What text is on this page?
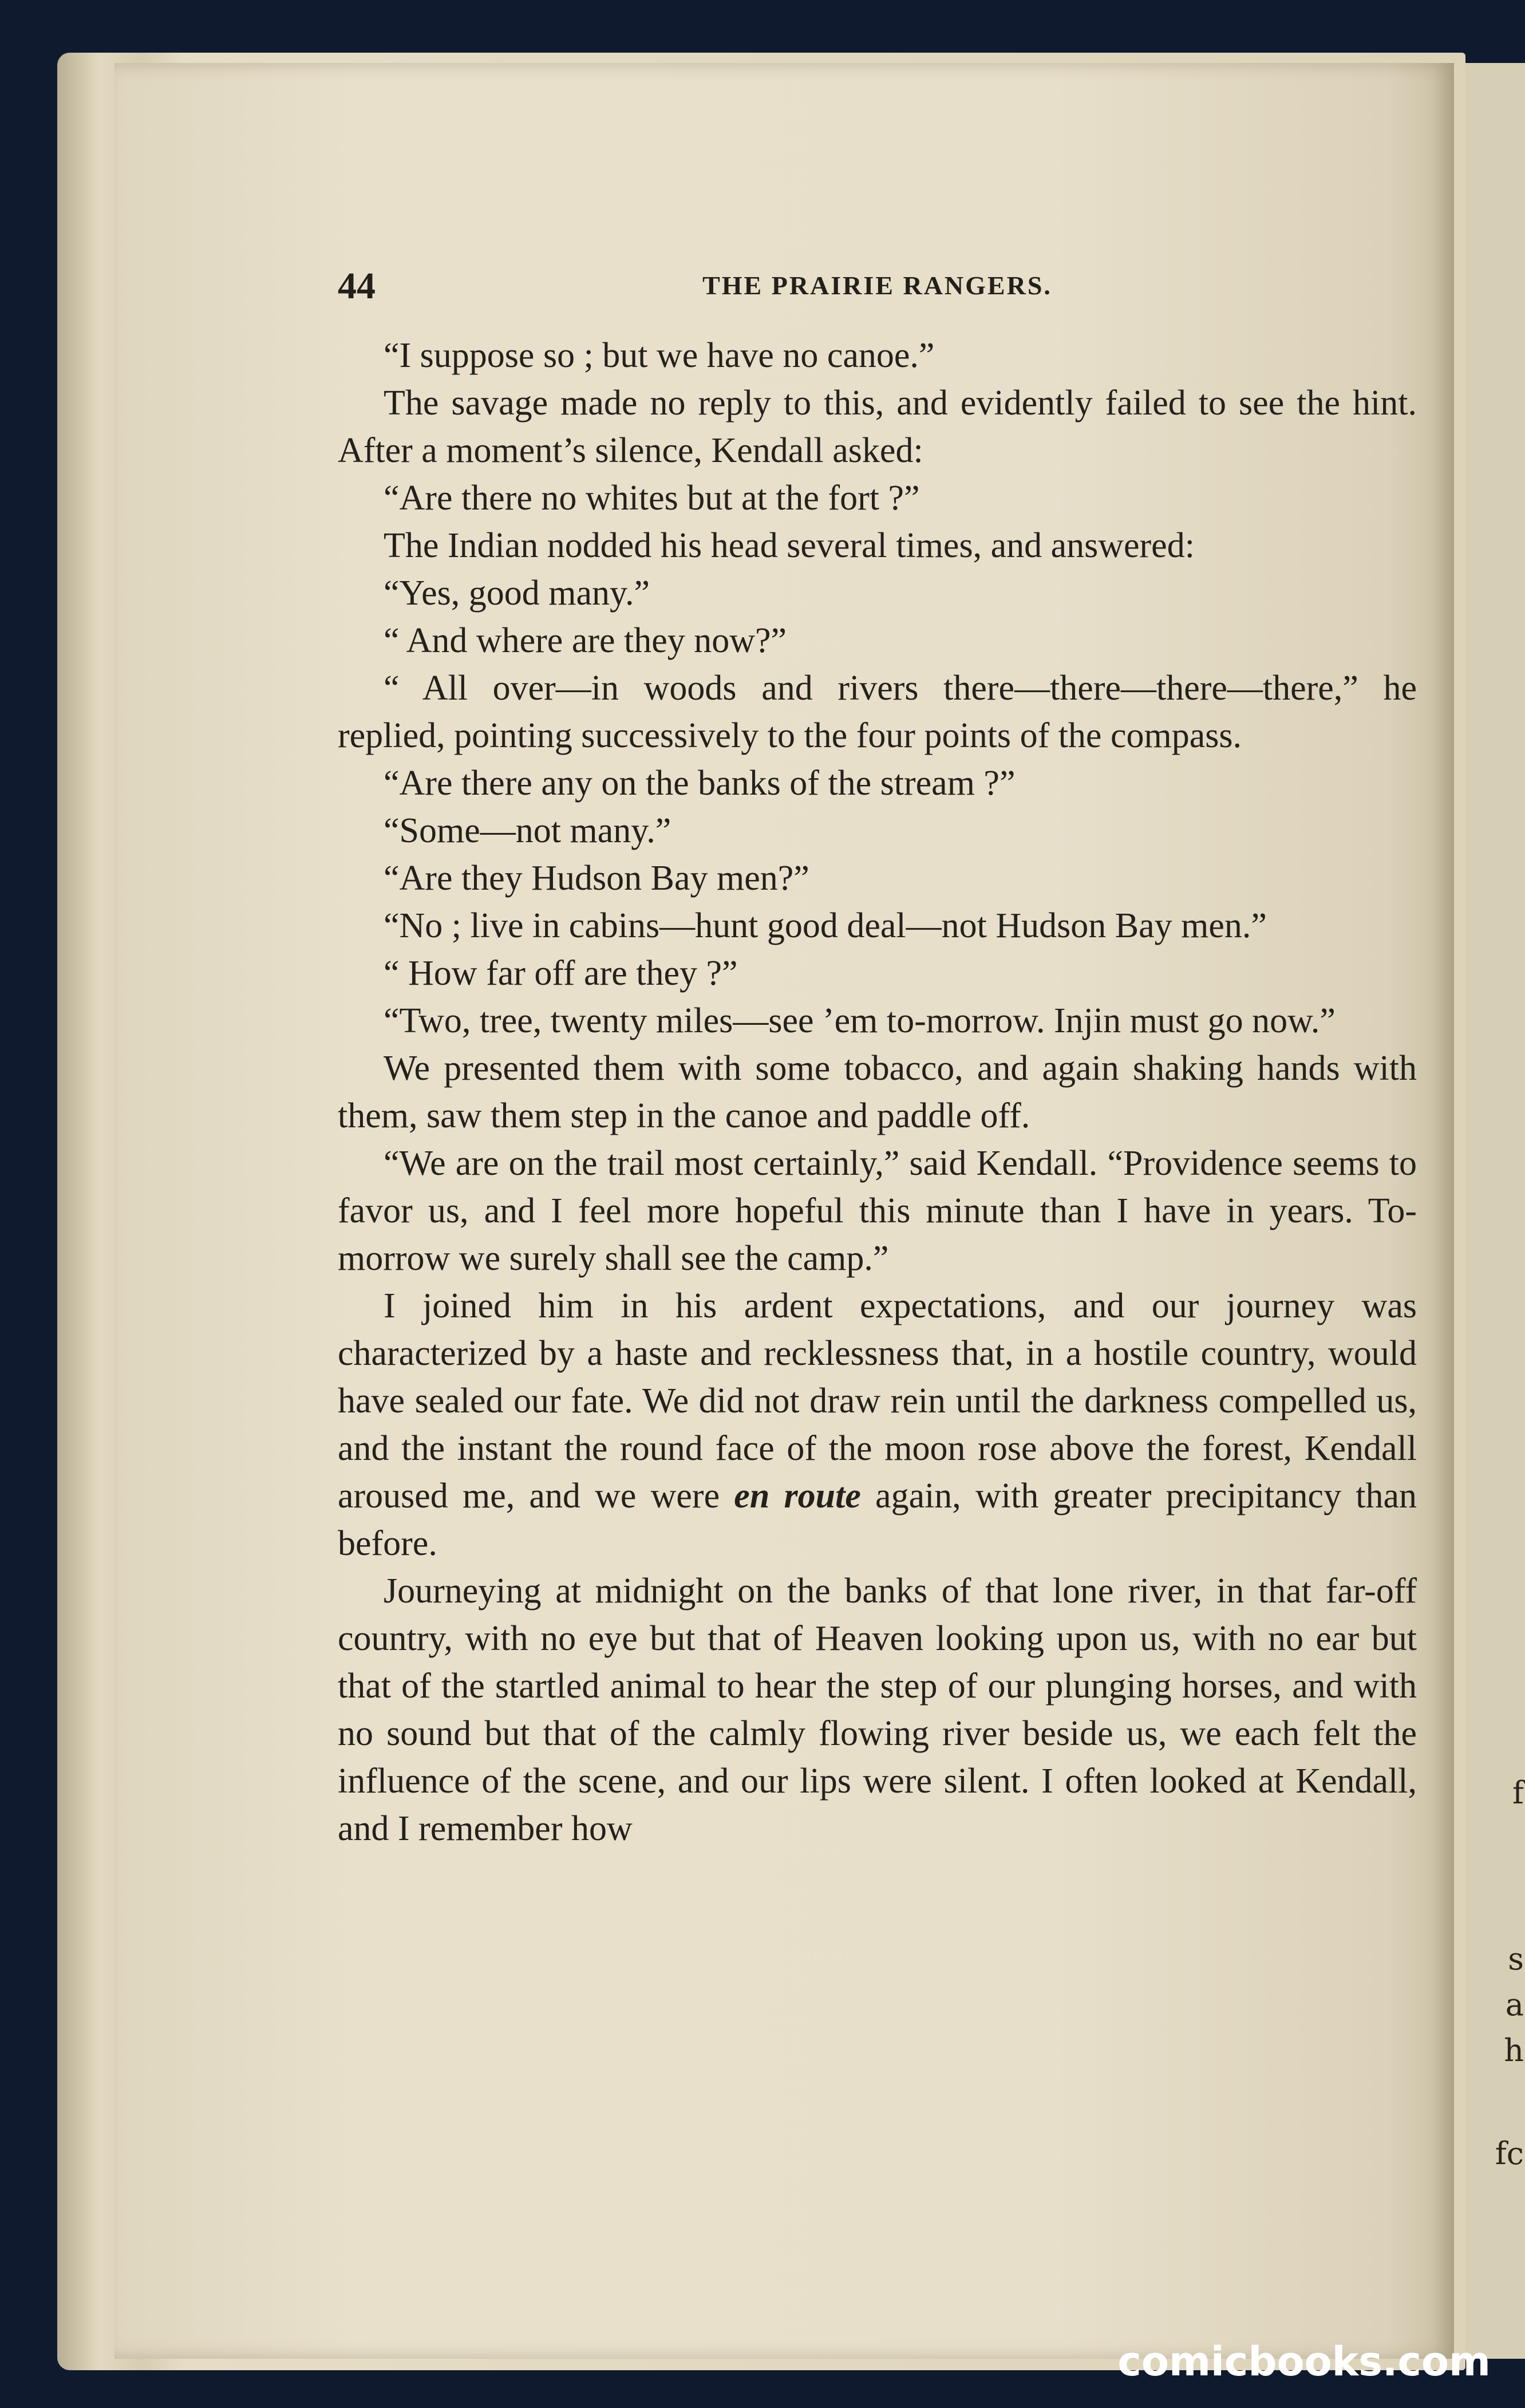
f
s
a
h
fc
44	THE PRAIRIE RANGERS.

“I suppose so ; but we have no canoe.”

The savage made no reply to this, and evidently failed to see the hint. After a moment’s silence, Kendall asked:

“Are there no whites but at the fort ?”

The Indian nodded his head several times, and answered:

“Yes, good many.”

“ And where are they now?”

“ All over—in woods and rivers there—there—there—there,” he replied, pointing successively to the four points of the compass.

“Are there any on the banks of the stream ?”

“Some—not many.”

“Are they Hudson Bay men?”

“No ; live in cabins—hunt good deal—not Hudson Bay men.”

“ How far off are they ?”

“Two, tree, twenty miles—see ’em to-morrow. Injin must go now.”

We presented them with some tobacco, and again shaking hands with them, saw them step in the canoe and paddle off.

“We are on the trail most certainly,” said Kendall. “Providence seems to favor us, and I feel more hopeful this minute than I have in years. To-morrow we surely shall see the camp.”

I joined him in his ardent expectations, and our journey was characterized by a haste and recklessness that, in a hostile country, would have sealed our fate. We did not draw rein until the darkness compelled us, and the instant the round face of the moon rose above the forest, Kendall aroused me, and we were en route again, with greater precipitancy than before.

Journeying at midnight on the banks of that lone river, in that far-off country, with no eye but that of Heaven looking upon us, with no ear but that of the startled animal to hear the step of our plunging horses, and with no sound but that of the calmly flowing river beside us, we each felt the influence of the scene, and our lips were silent. I often looked at Kendall, and I remember how

comicbooks.com
